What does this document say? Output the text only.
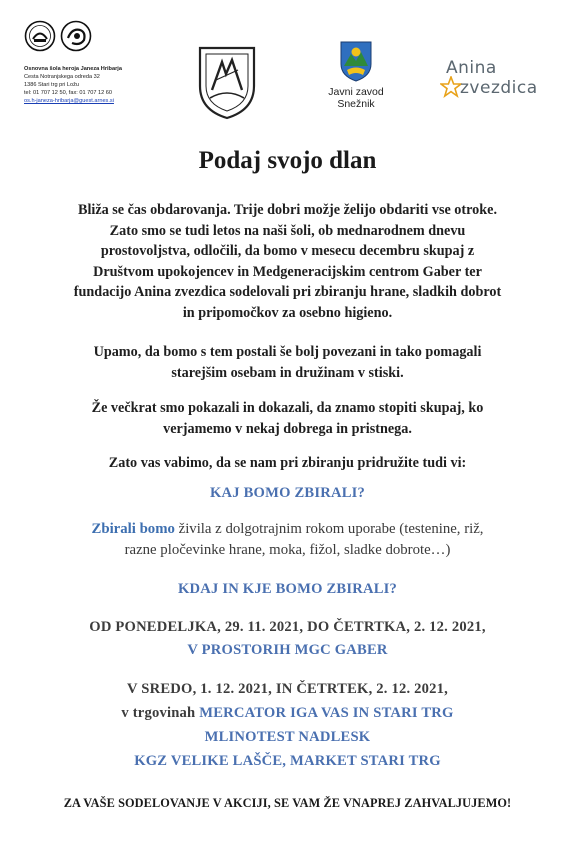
Osnovna šola heroja Janeza Hribarja
Cesta Notranjskega odreda 32
1386 Stari trg pri Ložu
tel: 01 707 12 50, fax: 01 707 12 60
os.h-janeza-hribarja@guest.arnes.si
Javni zavod
Snežnik
Anina
zvezdica
Podaj svojo dlan
Bliža se čas obdarovanja. Trije dobri možje želijo obdariti vse otroke.
Zato smo se tudi letos na naši šoli, ob mednarodnem dnevu
prostovoljstva, odločili, da bomo v mesecu decembru skupaj z
Društvom upokojencev in Medgeneracijskim centrom Gaber ter
fundacijo Anina zvezdica sodelovali pri zbiranju hrane, sladkih dobrot
in pripomočkov za osebno higieno.
Upamo, da bomo s tem postali še bolj povezani in tako pomagali
starejšim osebam in družinam v stiski.
Že večkrat smo pokazali in dokazali, da znamo stopiti skupaj, ko
verjamemo v nekaj dobrega in pristnega.
Zato vas vabimo, da se nam pri zbiranju pridružite tudi vi:
KAJ BOMO ZBIRALI?
Zbirali bomo živila z dolgotrajnim rokom uporabe (testenine, riž,
razne pločevinke hrane, moka, fižol, sladke dobrote…)
KDAJ IN KJE BOMO ZBIRALI?
OD PONEDELJKA, 29. 11. 2021, DO ČETRTKA, 2. 12. 2021,
V PROSTORIH MGC GABER
V SREDO, 1. 12. 2021, IN ČETRTEK, 2. 12. 2021,
v trgovinah MERCATOR IGA VAS IN STARI TRG
MLINOTEST NADLESK
KGZ VELIKE LAŠČE, MARKET STARI TRG
ZA VAŠE SODELOVANJE V AKCIJI, SE VAM ŽE VNAPREJ ZAHVALJUJEMO!
